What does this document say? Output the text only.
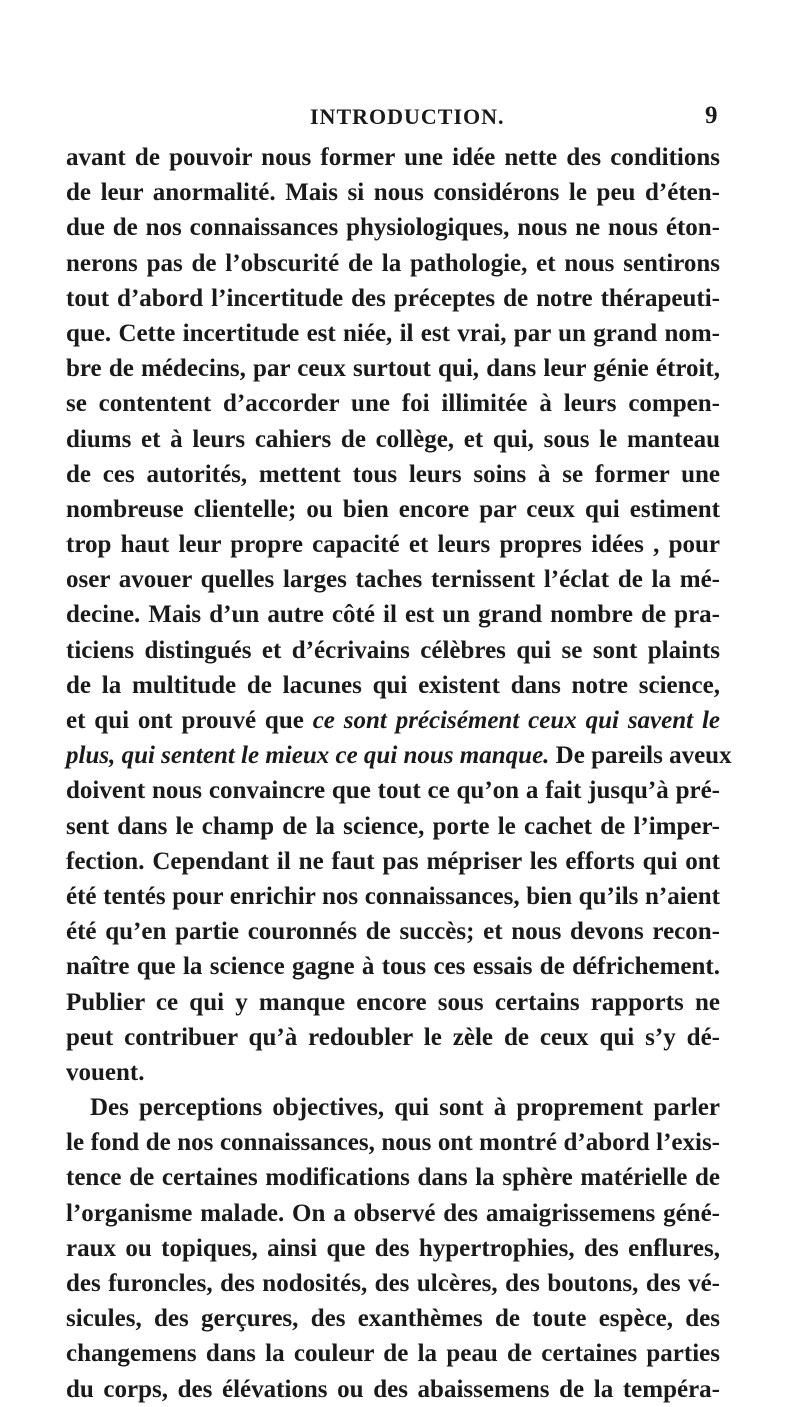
INTRODUCTION.	9
avant de pouvoir nous former une idée nette des conditions
de leur anormalité. Mais si nous considérons le peu d’éten-
due de nos connaissances physiologiques, nous ne nous éton-
nerons pas de l’obscurité de la pathologie, et nous sentirons
tout d’abord l’incertitude des préceptes de notre thérapeuti-
que. Cette incertitude est niée, il est vrai, par un grand nom-
bre de médecins, par ceux surtout qui, dans leur génie étroit,
se contentent d’accorder une foi illimitée à leurs compen-
diums et à leurs cahiers de collège, et qui, sous le manteau
de ces autorités, mettent tous leurs soins à se former une
nombreuse clientelle; ou bien encore par ceux qui estiment
trop haut leur propre capacité et leurs propres idées , pour
oser avouer quelles larges taches ternissent l’éclat de la mé-
decine. Mais d’un autre côté il est un grand nombre de pra-
ticiens distingués et d’écrivains célèbres qui se sont plaints
de la multitude de lacunes qui existent dans notre science,
et qui ont prouvé que ce sont précisément ceux qui savent le
plus, qui sentent le mieux ce qui nous manque. De pareils aveux
doivent nous convaincre que tout ce qu’on a fait jusqu’à pré-
sent dans le champ de la science, porte le cachet de l’imper-
fection. Cependant il ne faut pas mépriser les efforts qui ont
été tentés pour enrichir nos connaissances, bien qu’ils n’aient
été qu’en partie couronnés de succès; et nous devons recon-
naître que la science gagne à tous ces essais de défrichement.
Publier ce qui y manque encore sous certains rapports ne
peut contribuer qu’à redoubler le zèle de ceux qui s’y dé-
vouent.
Des perceptions objectives, qui sont à proprement parler
le fond de nos connaissances, nous ont montré d’abord l’exis-
tence de certaines modifications dans la sphère matérielle de
l’organisme malade. On a observé des amaigrissemens géné-
raux ou topiques, ainsi que des hypertrophies, des enflures,
des furoncles, des nodosités, des ulcères, des boutons, des vé-
sicules, des gerçures, des exanthèmes de toute espèce, des
changemens dans la couleur de la peau de certaines parties
du corps, des élévations ou des abaissemens de la tempéra-
